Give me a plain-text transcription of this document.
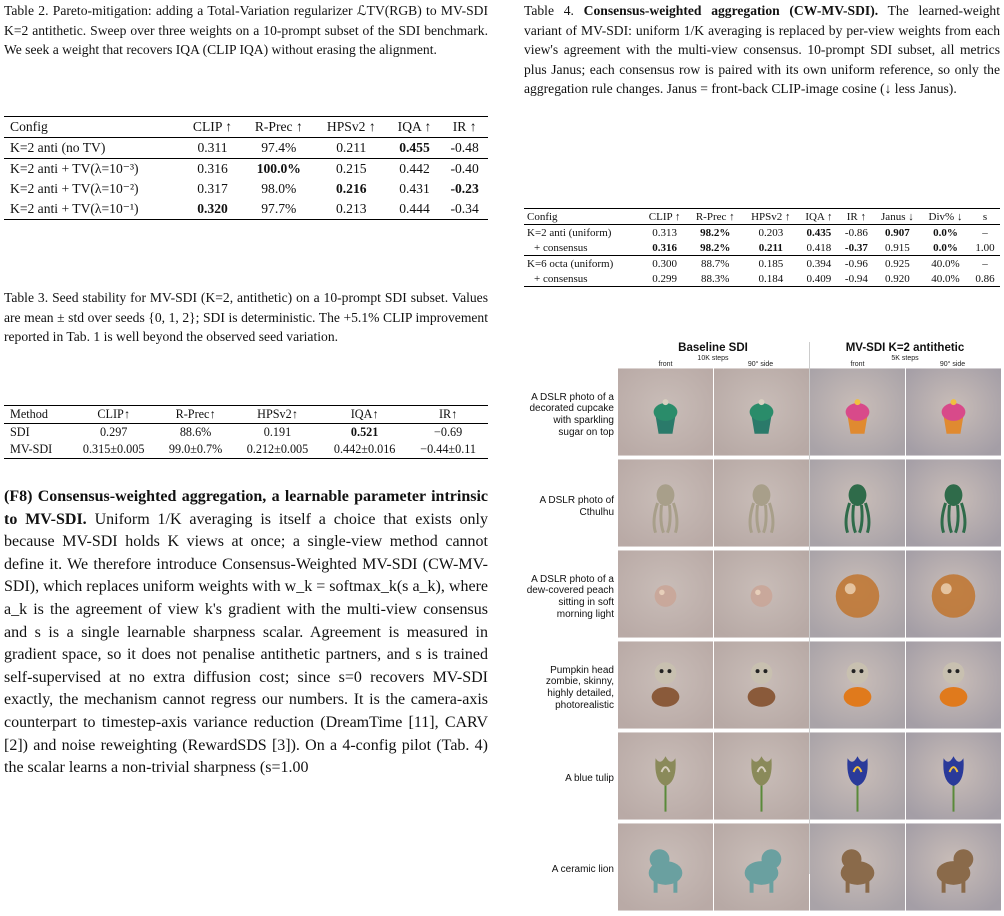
Table 2. Pareto-mitigation: adding a Total-Variation regularizer ℒTV(RGB) to MV-SDI K=2 antithetic. Sweep over three weights on a 10-prompt subset of the SDI benchmark. We seek a weight that recovers IQA (CLIP IQA) without erasing the alignment.

Config	CLIP ↑	R-Prec ↑	HPSv2 ↑	IQA ↑	IR ↑
K=2 anti (no TV)	0.311	97.4%	0.211	0.455	-0.48
K=2 anti + TV(λ=10⁻³)	0.316	100.0%	0.215	0.442	-0.40
K=2 anti + TV(λ=10⁻²)	0.317	98.0%	0.216	0.431	-0.23
K=2 anti + TV(λ=10⁻¹)	0.320	97.7%	0.213	0.444	-0.34

Table 3. Seed stability for MV-SDI (K=2, antithetic) on a 10-prompt SDI subset. Values are mean ± std over seeds {0, 1, 2}; SDI is deterministic. The +5.1% CLIP improvement reported in Tab. 1 is well beyond the observed seed variation.

Method	CLIP↑	R-Prec↑	HPSv2↑	IQA↑	IR↑
SDI	0.297	88.6%	0.191	0.521	−0.69
MV-SDI	0.315±0.005	99.0±0.7%	0.212±0.005	0.442±0.016	−0.44±0.11

(F8) Consensus-weighted aggregation, a learnable parameter intrinsic to MV-SDI. Uniform 1/K averaging is itself a choice that exists only because MV-SDI holds K views at once; a single-view method cannot define it. We therefore introduce Consensus-Weighted MV-SDI (CW-MV-SDI), which replaces uniform weights with w_k = softmax_k(s a_k), where a_k is the agreement of view k's gradient with the multi-view consensus and s is a single learnable sharpness scalar. Agreement is measured in gradient space, so it does not penalise antithetic partners, and s is trained self-supervised at no extra diffusion cost; since s=0 recovers MV-SDI exactly, the mechanism cannot regress our numbers. It is the camera-axis counterpart to timestep-axis variance reduction (DreamTime [11], CARV [2]) and noise reweighting (RewardSDS [3]). On a 4-config pilot (Tab. 4) the scalar learns a non-trivial sharpness (s=1.00

Table 4. Consensus-weighted aggregation (CW-MV-SDI). The learned-weight variant of MV-SDI: uniform 1/K averaging is replaced by per-view weights from each view's agreement with the multi-view consensus. 10-prompt SDI subset, all metrics plus Janus; each consensus row is paired with its own uniform reference, so only the aggregation rule changes. Janus = front-back CLIP-image cosine (↓ less Janus).

Config	CLIP ↑	R-Prec ↑	HPSv2 ↑	IQA ↑	IR ↑	Janus ↓	Div% ↓	s
K=2 anti (uniform)	0.313	98.2%	0.203	0.435	-0.86	0.907	0.0%	–
+ consensus	0.316	98.2%	0.211	0.418	-0.37	0.915	0.0%	1.00
K=6 octa (uniform)	0.300	88.7%	0.185	0.394	-0.96	0.925	40.0%	–
+ consensus	0.299	88.3%	0.184	0.409	-0.94	0.920	40.0%	0.86
Baseline SDI
10K steps
front	90° side
MV-SDI K=2 antithetic
5K steps
front	90° side
A DSLR photo of a decorated cupcake with sparkling sugar on top
A DSLR photo of Cthulhu
A DSLR photo of a dew-covered peach sitting in soft morning light
Pumpkin head zombie, skinny, highly detailed, photorealistic
A blue tulip
A ceramic lion
